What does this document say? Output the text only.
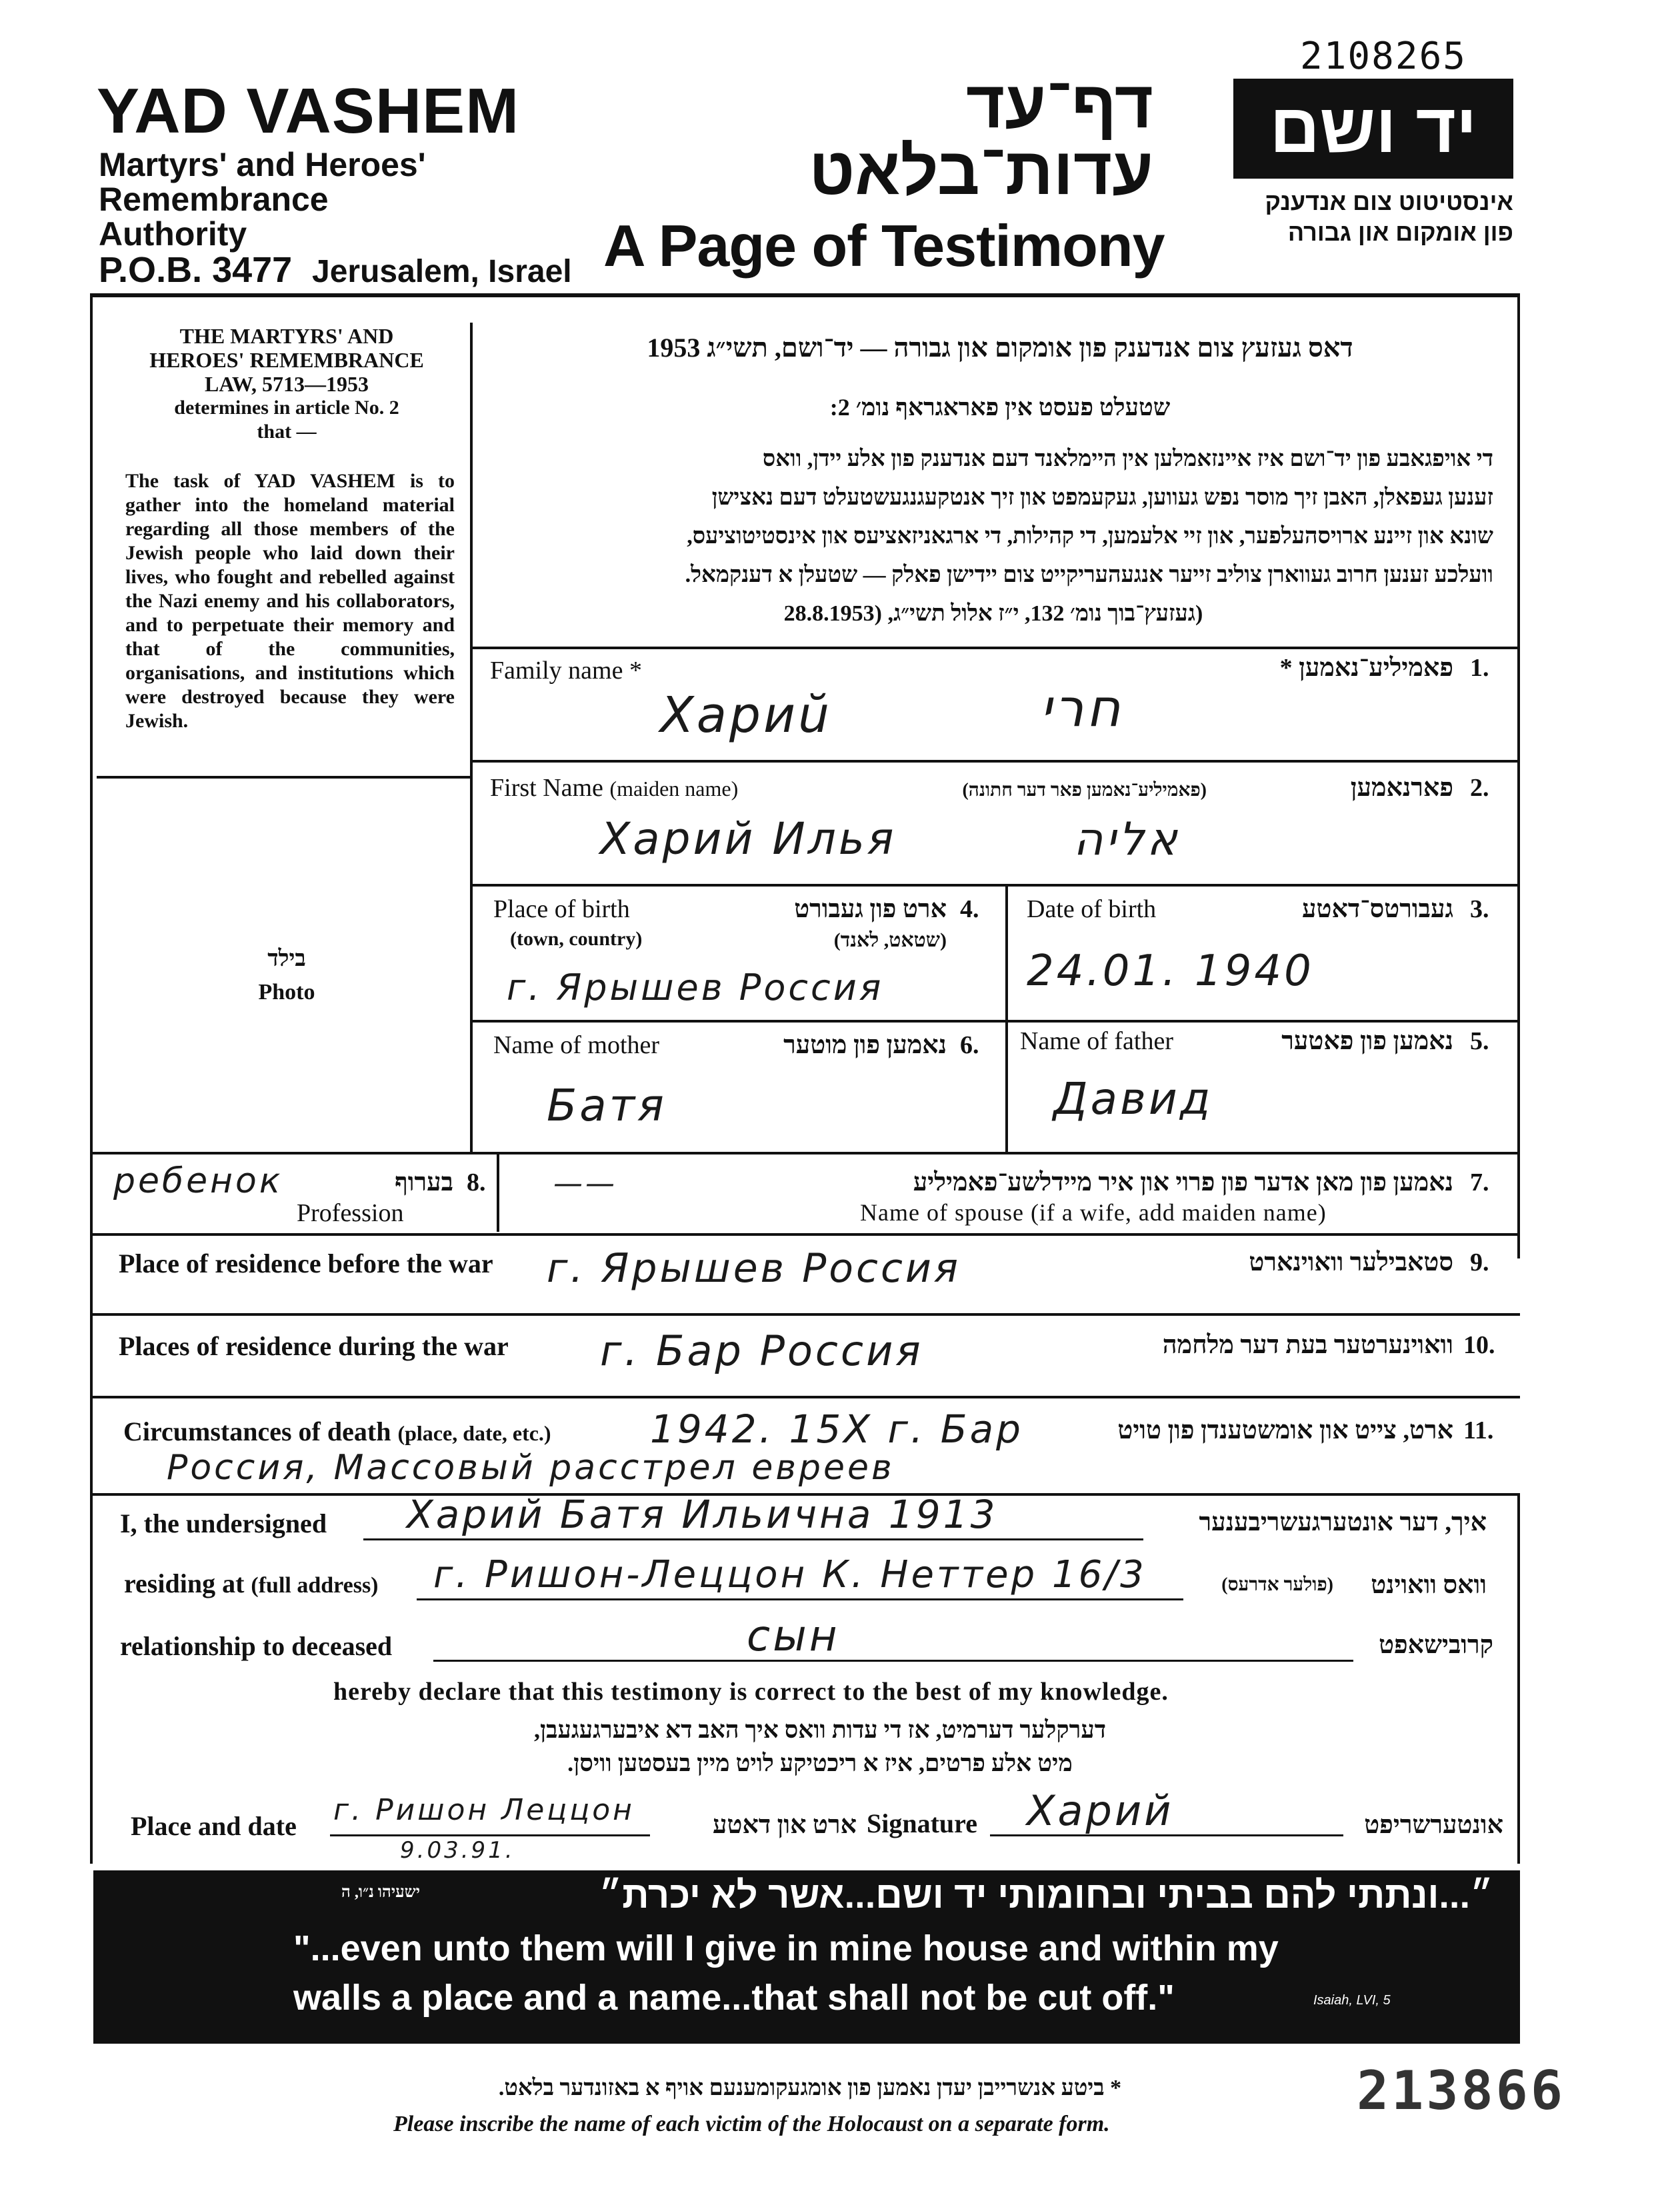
2108265
YAD VASHEM
Martyrs' and Heroes'
Remembrance
Authority
P.O.B. 3477 Jerusalem, Israel
דף־עד
עדות־בלאט
A Page of Testimony
יד ושם
אינסטיטוט צום אנדענק
פון אומקום און גבורה
THE MARTYRS' AND
HEROES' REMEMBRANCE
LAW, 5713—1953
determines in article No. 2
that —
The task of YAD VASHEM is to gather into the homeland material regarding all those members of the Jewish people who laid down their lives, who fought and rebelled against the Nazi enemy and his collaborators, and to perpetuate their memory and that of the communities, organisations, and institutions which were destroyed because they were Jewish.
דאס געזעץ צום אנדענק פון אומקום און גבורה — יד־ושם, תשי״ג 1953
שטעלט פעסט אין פאראגראף נומ׳ 2:
די אויפגאבע פון יד־ושם איז איינזאמלען אין היימלאנד דעם אנדענק פון אלע יידן, וואס
זענען געפאלן, האבן זיך מוסר נפש געווען, געקעמפט און זיך אנטקעגנגעשטעלט דעם נאצישן
שונא און זיינע ארויסהעלפער, און זיי אלעמען, די קהילות, די ארגאניזאציעס און אינסטיטוציעס,
וועלכע זענען חרוב געווארן צוליב זייער אנגעהעריקייט צום יידישן פאלק — שטעלן א דענקמאל.
(געזעץ־בוך נומ׳ 132, י״ז אלול תשי״ג, (28.8.1953
Family name *	פאמיליע־נאמען * 1.
Хариŭ	חרי
First Name (maiden name)	(פאמיליע־נאמען פאר דער חתונה)	פארנאמען 2.
Харий Илья	אליה
בילד
Photo
Place of birth
(town, country)
ארט פון געבורט
(שטאט, לאנד)
4.
г. Ярышев Россия
Date of birth	געבורטס־דאטע 3.
24.01. 1940
Name of mother	נאמען פון מוטער 6.
Батя
Name of father	נאמען פון פאטער 5.
Давид
ребенок	בערוף 8.
Profession
——	נאמען פון מאן אדער פון פרוי און איר מיידלשע־פאמיליע 7.
Name of spouse (if a wife, add maiden name)
Place of residence before the war г. Ярышев Россия	סטאבילער וואוינארט 9.
Places of residence during the war г. Бар Россия	וואוינערטער בעת דער מלחמה 10.
Circumstances of death (place, date, etc.)	1942. 15X г. Бар
Россия, Массовый расстрел евреев
ארט, צייט און אומשטענדן פון טויט 11.
I, the undersigned Харий Батя Ильична 1913	איך, דער אונטערגעשריבענער
residing at (full address) г. Ришон-Леццон К. Неттер 16/3	(פולער אדרעס)	וואס וואוינט
relationship to deceased	сын	קרובישאפט
hereby declare that this testimony is correct to the best of my knowledge.
דערקלער דערמיט, אז די עדות וואס איך האב דא איבערגעגעבן,
מיט אלע פרטים, איז א ריכטיקע לויט מיין בעסטען וויסן.
Place and date г. Ришон Леццон
9.03.91.
ארט און דאטע Signature Харий	אונטערשריפט
ישעיהו נ״ו, ה	״...ונתתי להם בביתי ובחומותי יד ושם...אשר לא יכרת״
"...even unto them will I give in mine house and within my
walls a place and a name...that shall not be cut off."	Isaiah, LVI, 5
* ביטע אנשרייבן יעדן נאמען פון אומגעקומענעם אויף א באזונדער בלאט.
Please inscribe the name of each victim of the Holocaust on a separate form.
213866
